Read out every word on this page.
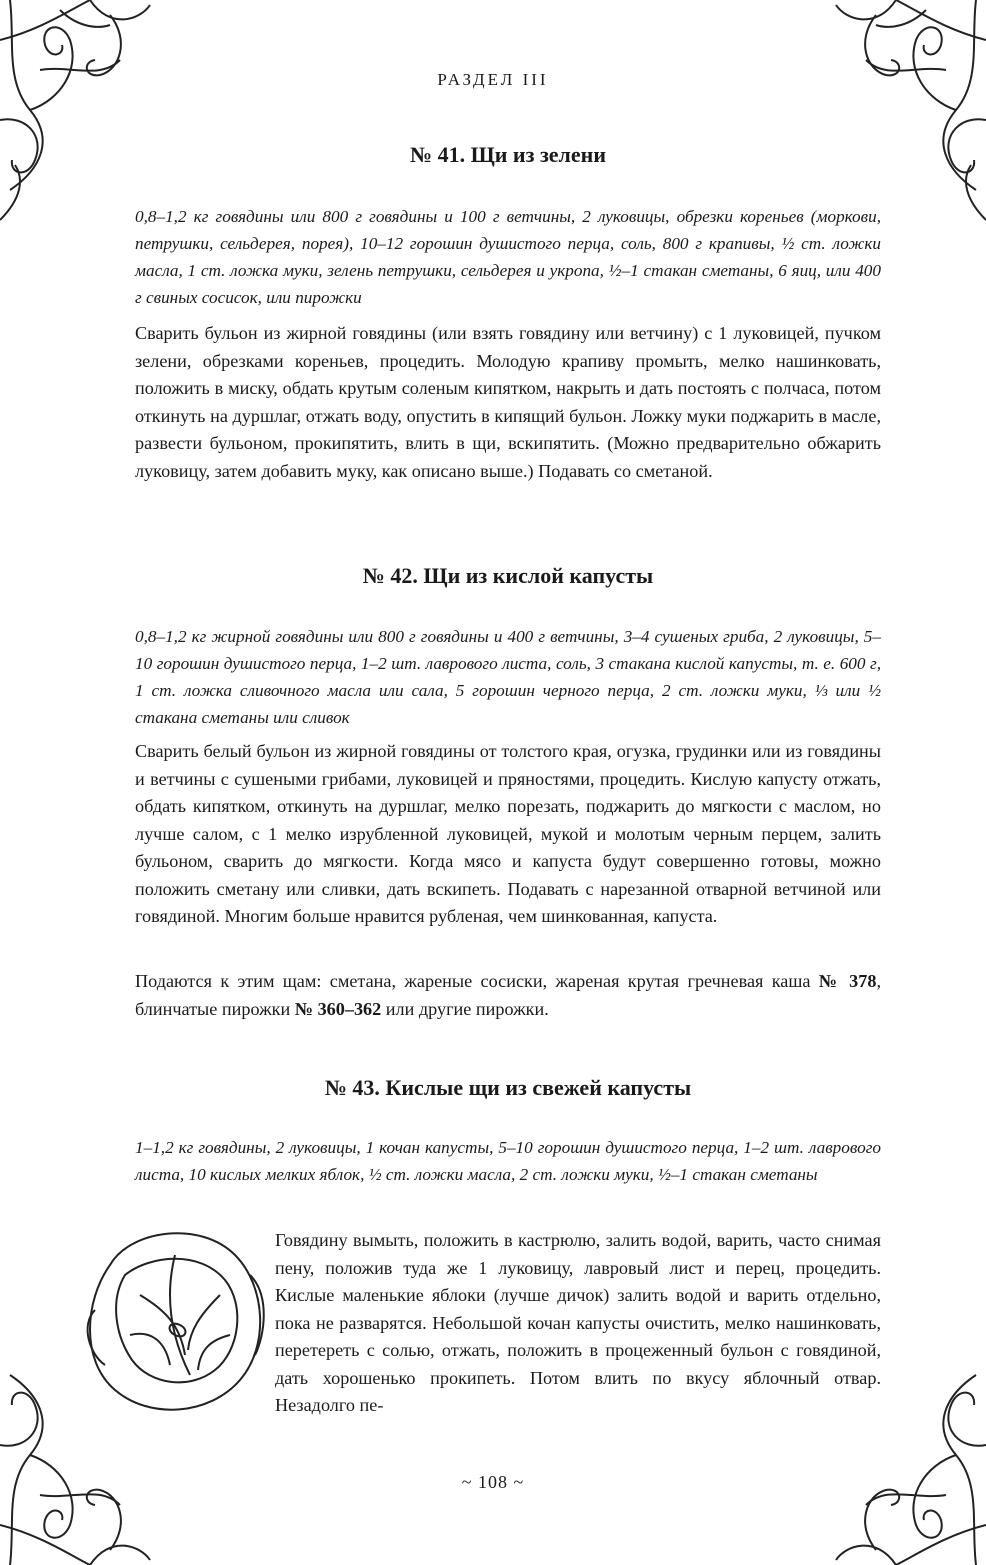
РАЗДЕЛ III
№ 41. Щи из зелени

0,8–1,2 кг говядины или 800 г говядины и 100 г ветчины, 2 луковицы, обрезки кореньев (моркови, петрушки, сельдерея, порея), 10–12 горошин душистого перца, соль, 800 г крапивы, ½ ст. ложки масла, 1 ст. ложка муки, зелень петрушки, сельдерея и укропа, ½–1 стакан сметаны, 6 яиц, или 400 г свиных сосисок, или пирожки

Сварить бульон из жирной говядины (или взять говядину или ветчину) с 1 луковицей, пучком зелени, обрезками кореньев, процедить. Молодую крапиву промыть, мелко нашинковать, положить в миску, обдать крутым соленым кипятком, накрыть и дать постоять с полчаса, потом откинуть на дуршлаг, отжать воду, опустить в кипящий бульон. Ложку муки поджарить в масле, развести бульоном, прокипятить, влить в щи, вскипятить. (Можно предварительно обжарить луковицу, затем добавить муку, как описано выше.) Подавать со сметаной.

№ 42. Щи из кислой капусты

0,8–1,2 кг жирной говядины или 800 г говядины и 400 г ветчины, 3–4 сушеных гриба, 2 луковицы, 5–10 горошин душистого перца, 1–2 шт. лаврового листа, соль, 3 стакана кислой капусты, т. е. 600 г, 1 ст. ложка сливочного масла или сала, 5 горошин черного перца, 2 ст. ложки муки, ⅓ или ½ стакана сметаны или сливок

Сварить белый бульон из жирной говядины от толстого края, огузка, грудинки или из говядины и ветчины с сушеными грибами, луковицей и пряностями, процедить. Кислую капусту отжать, обдать кипятком, откинуть на дуршлаг, мелко порезать, поджарить до мягкости с маслом, но лучше салом, с 1 мелко изрубленной луковицей, мукой и молотым черным перцем, залить бульоном, сварить до мягкости. Когда мясо и капуста будут совершенно готовы, можно положить сметану или сливки, дать вскипеть. Подавать с нарезанной отварной ветчиной или говядиной. Многим больше нравится рубленая, чем шинкованная, капуста.

Подаются к этим щам: сметана, жареные сосиски, жареная крутая гречневая каша № 378, блинчатые пирожки № 360–362 или другие пирожки.

№ 43. Кислые щи из свежей капусты

1–1,2 кг говядины, 2 луковицы, 1 кочан капусты, 5–10 горошин душистого перца, 1–2 шт. лаврового листа, 10 кислых мелких яблок, ½ ст. ложки масла, 2 ст. ложки муки, ½–1 стакан сметаны

Говядину вымыть, положить в кастрюлю, залить водой, варить, часто снимая пену, положив туда же 1 луковицу, лавровый лист и перец, процедить. Кислые маленькие яблоки (лучше дичок) залить водой и варить отдельно, пока не разварятся. Небольшой кочан капусты очистить, мелко нашинковать, перетереть с солью, отжать, положить в процеженный бульон с говядиной, дать хорошенько прокипеть. Потом влить по вкусу яблочный отвар. Незадолго пе-

~ 108 ~
